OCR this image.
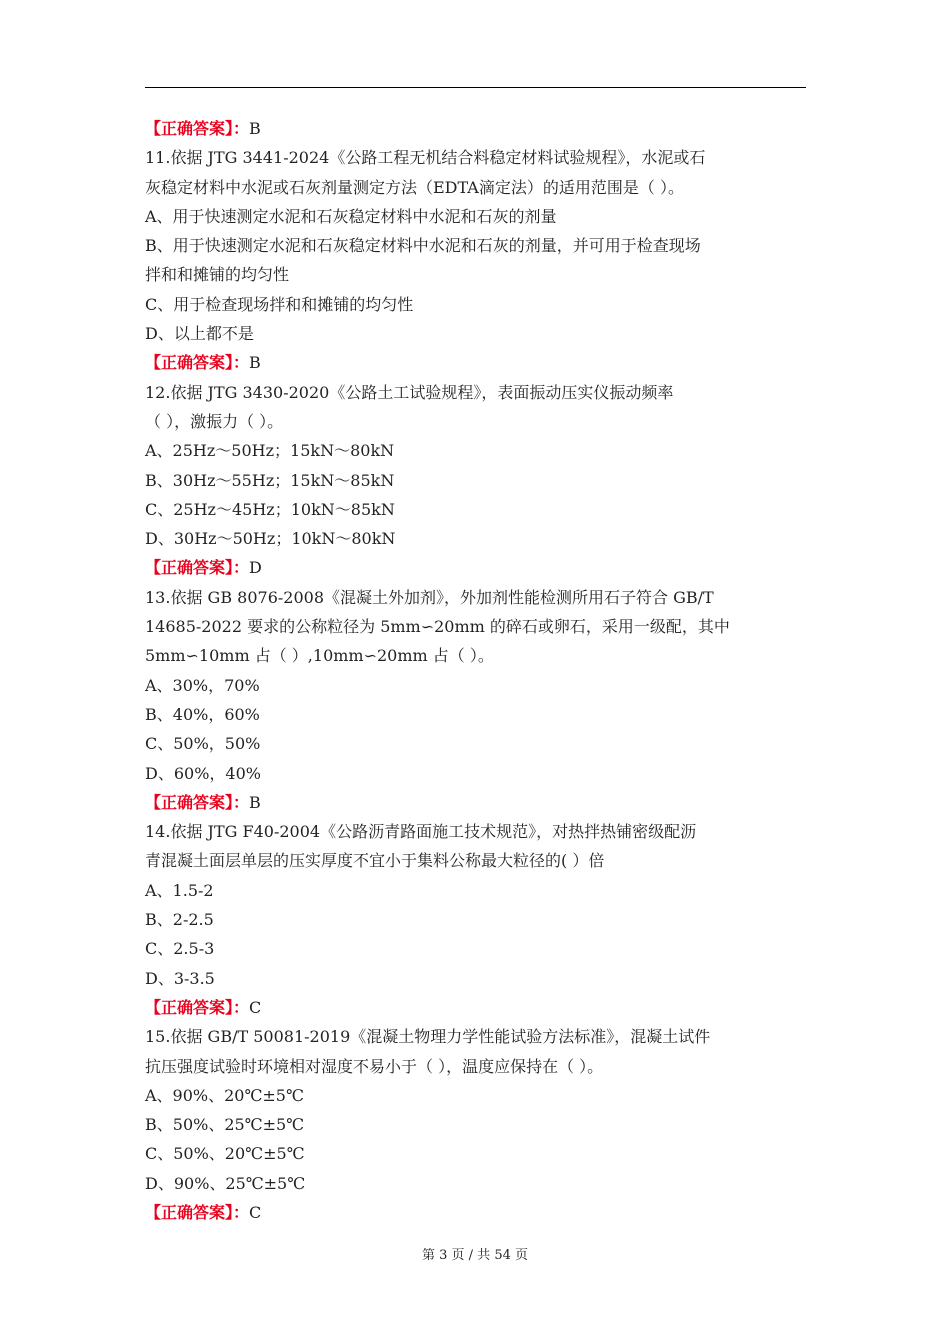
【正确答案】：B
11.依据 JTG 3441-2024《公路工程无机结合料稳定材料试验规程》，水泥或石
灰稳定材料中水泥或石灰剂量测定方法（EDTA滴定法）的适用范围是（ ）。
A、用于快速测定水泥和石灰稳定材料中水泥和石灰的剂量
B、用于快速测定水泥和石灰稳定材料中水泥和石灰的剂量，并可用于检查现场
拌和和摊铺的均匀性
C、用于检查现场拌和和摊铺的均匀性
D、以上都不是
【正确答案】：B
12.依据 JTG 3430-2020《公路土工试验规程》，表面振动压实仪振动频率
（ ），激振力（ ）。
A、25Hz～50Hz；15kN～80kN
B、30Hz～55Hz；15kN～85kN
C、25Hz～45Hz；10kN～85kN
D、30Hz～50Hz；10kN～80kN
【正确答案】：D
13.依据 GB 8076-2008《混凝土外加剂》，外加剂性能检测所用石子符合 GB/T
14685-2022 要求的公称粒径为 5mm∽20mm 的碎石或卵石，采用一级配，其中
5mm∽10mm 占（ ）,10mm∽20mm 占（ ）。
A、30%，70%
B、40%，60%
C、50%，50%
D、60%，40%
【正确答案】：B
14.依据 JTG F40-2004《公路沥青路面施工技术规范》，对热拌热铺密级配沥
青混凝土面层单层的压实厚度不宜小于集料公称最大粒径的( ）倍
A、1.5-2
B、2-2.5
C、2.5-3
D、3-3.5
【正确答案】：C
15.依据 GB/T 50081-2019《混凝土物理力学性能试验方法标准》，混凝土试件
抗压强度试验时环境相对湿度不易小于（ ），温度应保持在（ ）。
A、90%、20℃±5℃
B、50%、25℃±5℃
C、50%、20℃±5℃
D、90%、25℃±5℃
【正确答案】：C
第 3 页 / 共 54 页
